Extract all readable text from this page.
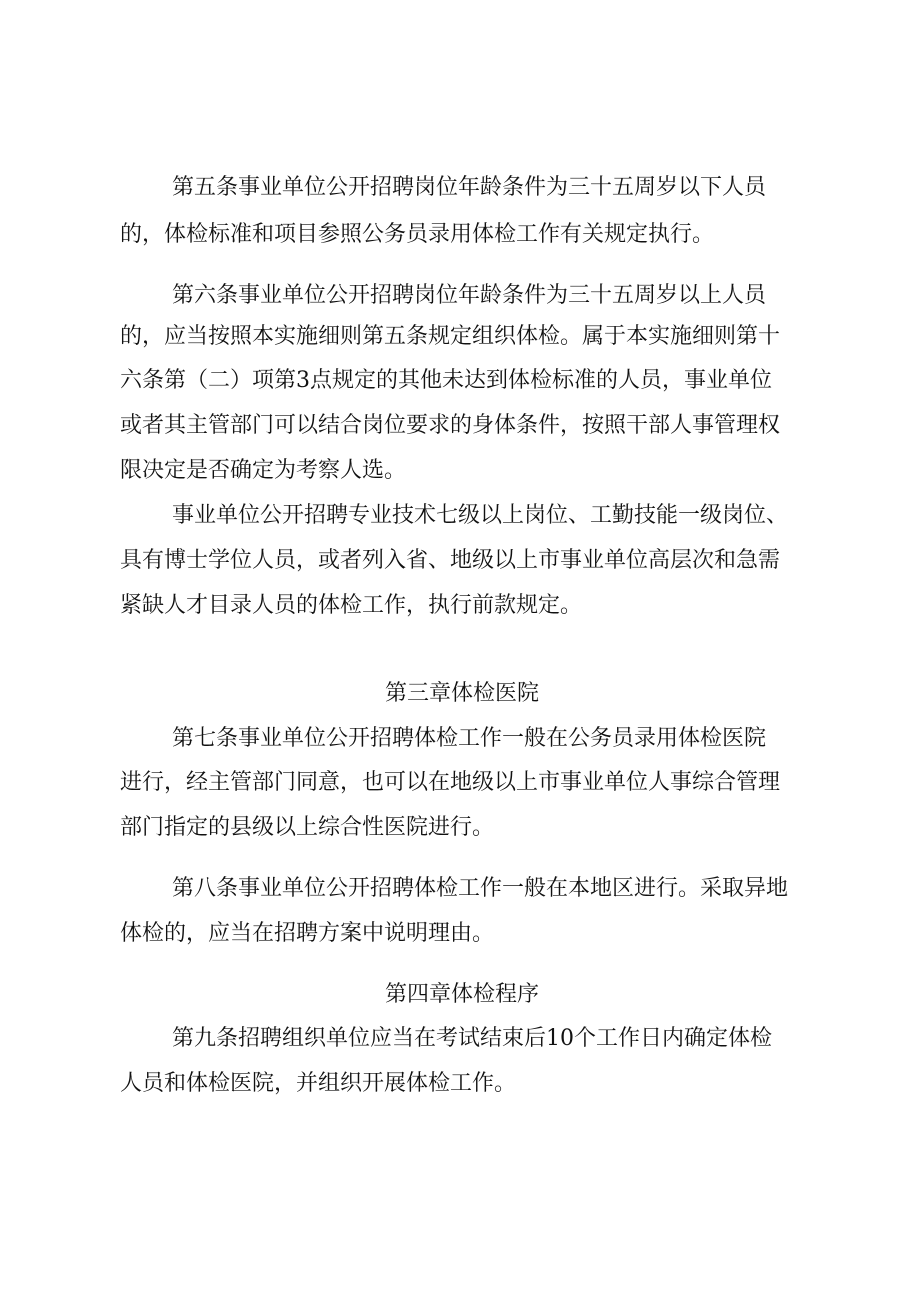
第五条事业单位公开招聘岗位年龄条件为三十五周岁以下人员

的，体检标准和项目参照公务员录用体检工作有关规定执行。

第六条事业单位公开招聘岗位年龄条件为三十五周岁以上人员

的，应当按照本实施细则第五条规定组织体检。属于本实施细则第十

六条第（二）项第3点规定的其他未达到体检标准的人员，事业单位

或者其主管部门可以结合岗位要求的身体条件，按照干部人事管理权

限决定是否确定为考察人选。

事业单位公开招聘专业技术七级以上岗位、工勤技能一级岗位、

具有博士学位人员，或者列入省、地级以上市事业单位高层次和急需

紧缺人才目录人员的体检工作，执行前款规定。

第三章体检医院

第七条事业单位公开招聘体检工作一般在公务员录用体检医院

进行，经主管部门同意，也可以在地级以上市事业单位人事综合管理

部门指定的县级以上综合性医院进行。

第八条事业单位公开招聘体检工作一般在本地区进行。采取异地

体检的，应当在招聘方案中说明理由。

第四章体检程序

第九条招聘组织单位应当在考试结束后10个工作日内确定体检

人员和体检医院，并组织开展体检工作。
